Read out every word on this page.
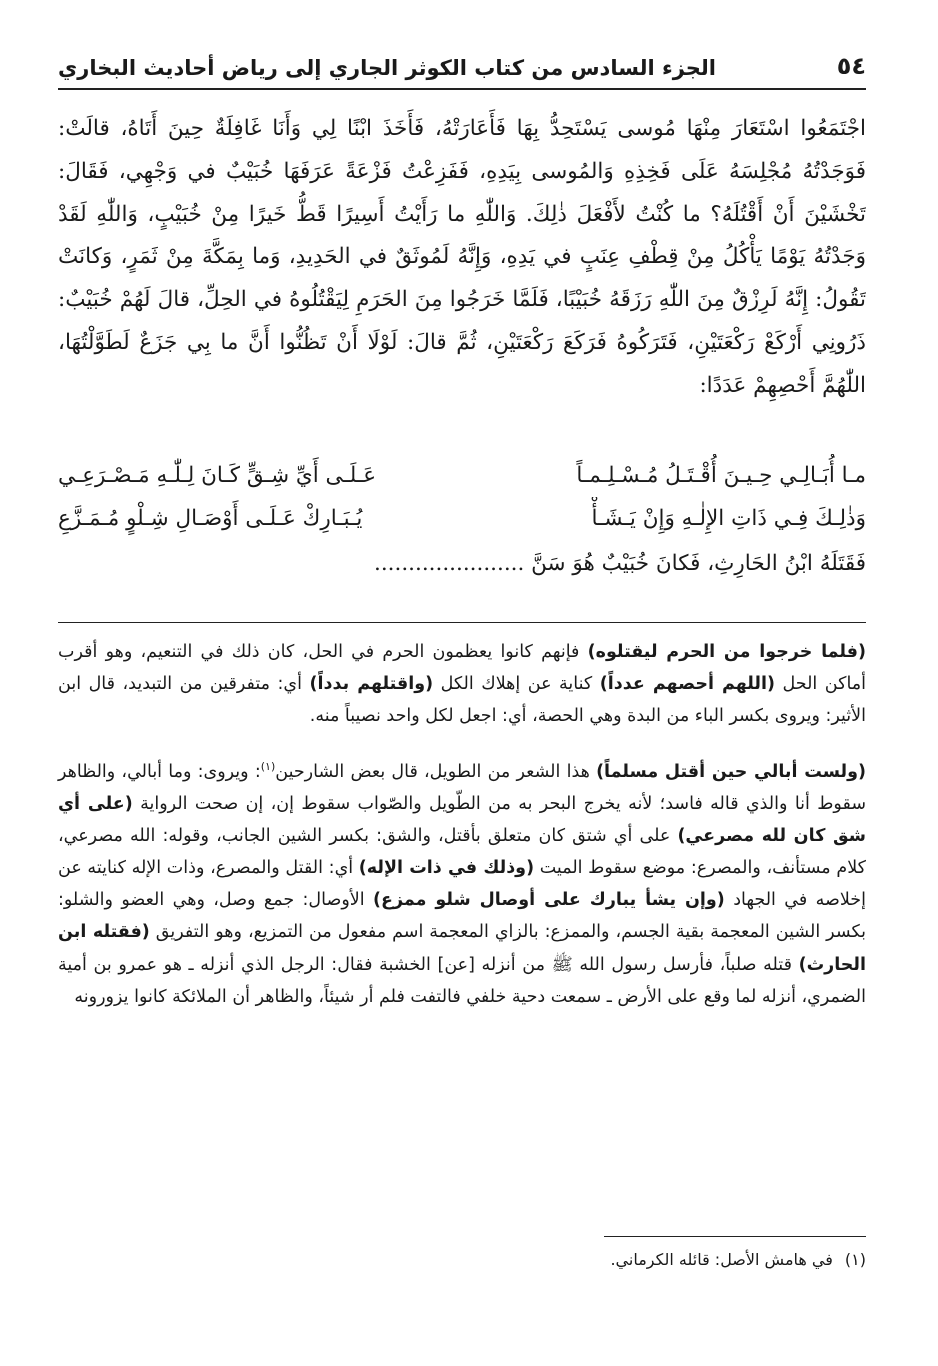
٥٤
الجزء السادس من كتاب الكوثر الجاري إلى رياض أحاديث البخاري
اجْتَمَعُوا اسْتَعَارَ مِنْهَا مُوسى يَسْتَحِدُّ بِهَا فَأَعَارَتْهُ، فَأَخَذَ ابْنًا لِي وَأَنَا غَافِلَةٌ حِينَ أَتَاهُ، قالَتْ: فَوَجَدْتُهُ مُجْلِسَهُ عَلَى فَخِذِهِ وَالمُوسى بِيَدِهِ، فَفَزِعْتُ فَزْعَةً عَرَفَهَا خُبَيْبٌ في وَجْهِي، فَقَالَ: تَخْشَيْنَ أَنْ أَقْتُلَهُ؟ ما كُنْتُ لأَفْعَلَ ذٰلِكَ. وَاللّٰهِ ما رَأَيْتُ أَسِيرًا قَطُّ خَيرًا مِنْ خُبَيْبٍ، وَاللّٰهِ لَقَدْ وَجَدْتُهُ يَوْمًا يَأْكُلُ مِنْ قِطْفِ عِنَبٍ في يَدِهِ، وَإِنَّهُ لَمُوثَقٌ في الحَدِيدِ، وَما بِمَكَّةَ مِنْ ثَمَرٍ، وَكانَتْ تَقُولُ: إِنَّهُ لَرِزْقٌ مِنَ اللّٰهِ رَزَقَهُ خُبَيْبًا، فَلَمَّا خَرَجُوا مِنَ الحَرَمِ لِيَقْتُلُوهُ في الحِلِّ، قالَ لَهُمْ خُبَيْبٌ: ذَرُونِي أَرْكَعْ رَكْعَتَيْنِ، فَتَرَكُوهُ فَرَكَعَ رَكْعَتَيْنِ، ثُمَّ قالَ: لَوْلَا أَنْ تَظُنُّوا أَنَّ ما بِي جَزَعٌ لَطَوَّلْتُهَا، اللّٰهُمَّ أَحْصِهِمْ عَدَدًا:
مـا أُبَـالِـي حِـيـنَ أُقْـتَـلُ مُـسْـلِـمـاً
عَـلَـى أَيِّ شِـقٍّ كَـانَ لِـلّٰـهِ مَـصْـرَعِـي
وَذٰلِـكَ فِـي ذَاتِ الإِلٰـهِ وَإِنْ يَـشَـأْ
يُـبَـارِكْ عَـلَـى أَوْصَـالِ شِـلْوٍ مُـمَـزَّعِ
فَقَتَلَهُ ابْنُ الحَارِثِ، فَكانَ خُبَيْبٌ هُوَ سَنَّ ......................

(فلما خرجوا من الحرم ليقتلوه) فإنهم كانوا يعظمون الحرم في الحل، كان ذلك في التنعيم، وهو أقرب أماكن الحل (اللهم أحصهم عدداً) كناية عن إهلاك الكل (واقتلهم بدداً) أي: متفرقين من التبديد، قال ابن الأثير: ويروى بكسر الباء من البدة وهي الحصة، أي: اجعل لكل واحد نصيباً منه.

(ولست أبالي حين أقتل مسلماً) هذا الشعر من الطويل، قال بعض الشارحين$^{(١)}$: ويروى: وما أبالي، والظاهر سقوط أنا والذي قاله فاسد؛ لأنه يخرج البحر به من الطّويل والصّواب سقوط إن، إن صحت الرواية (على أي شق كان لله مصرعي) على أي شتق كان متعلق بأقتل، والشق: بكسر الشين الجانب، وقوله: الله مصرعي، كلام مستأنف، والمصرع: موضع سقوط الميت (وذلك في ذات الإله) أي: القتل والمصرع، وذات الإله كنايته عن إخلاصه في الجهاد (وإن يشأ يبارك على أوصال شلو ممزع) الأوصال: جمع وصل، وهي العضو والشلو: بكسر الشين المعجمة بقية الجسم، والممزع: بالزاي المعجمة اسم مفعول من التمزيع، وهو التفريق (فقتله ابن الحارث) قتله صلباً، فأرسل رسول الله ﷺ من أنزله [عن] الخشبة فقال: الرجل الذي أنزله ـ هو عمرو بن أمية الضمري، أنزله لما وقع على الأرض ـ سمعت دحية خلفي فالتفت فلم أر شيئاً، والظاهر أن الملائكة كانوا يزورونه

(١)في هامش الأصل: قائله الكرماني.
